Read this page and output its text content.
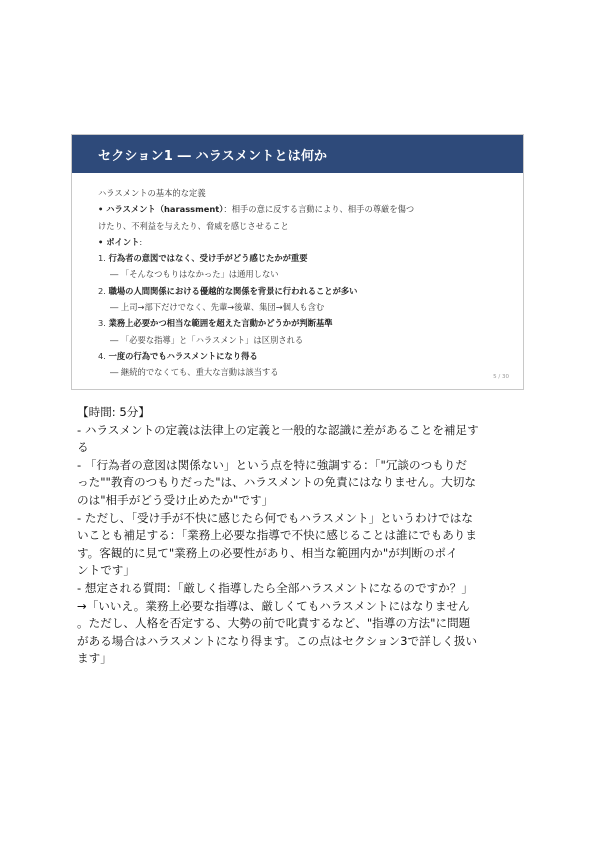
セクション1 ― ハラスメントとは何か
ハラスメントの基本的な定義
• ハラスメント（harassment）：相手の意に反する言動により、相手の尊厳を傷つ
けたり、不利益を与えたり、脅威を感じさせること
• ポイント:
1. 行為者の意図ではなく、受け手がどう感じたかが重要
― 「そんなつもりはなかった」は通用しない
2. 職場の人間関係における優越的な関係を背景に行われることが多い
― 上司→部下だけでなく、先輩→後輩、集団→個人も含む
3. 業務上必要かつ相当な範囲を超えた言動かどうかが判断基準
― 「必要な指導」と「ハラスメント」は区別される
4. 一度の行為でもハラスメントになり得る
― 継続的でなくても、重大な言動は該当する	5 / 30
【時間: 5分】
- ハラスメントの定義は法律上の定義と一般的な認識に差があることを補足す
る
- 「行為者の意図は関係ない」という点を特に強調する：「"冗談のつもりだ
った""教育のつもりだった"は、ハラスメントの免責にはなりません。大切な
のは"相手がどう受け止めたか"です」
- ただし、「受け手が不快に感じたら何でもハラスメント」というわけではな
いことも補足する：「業務上必要な指導で不快に感じることは誰にでもありま
す。客観的に見て"業務上の必要性があり、相当な範囲内か"が判断のポイ
ントです」
- 想定される質問：「厳しく指導したら全部ハラスメントになるのですか？」
→「いいえ。業務上必要な指導は、厳しくてもハラスメントにはなりません
。ただし、人格を否定する、大勢の前で叱責するなど、"指導の方法"に問題
がある場合はハラスメントになり得ます。この点はセクション3で詳しく扱い
ます」
